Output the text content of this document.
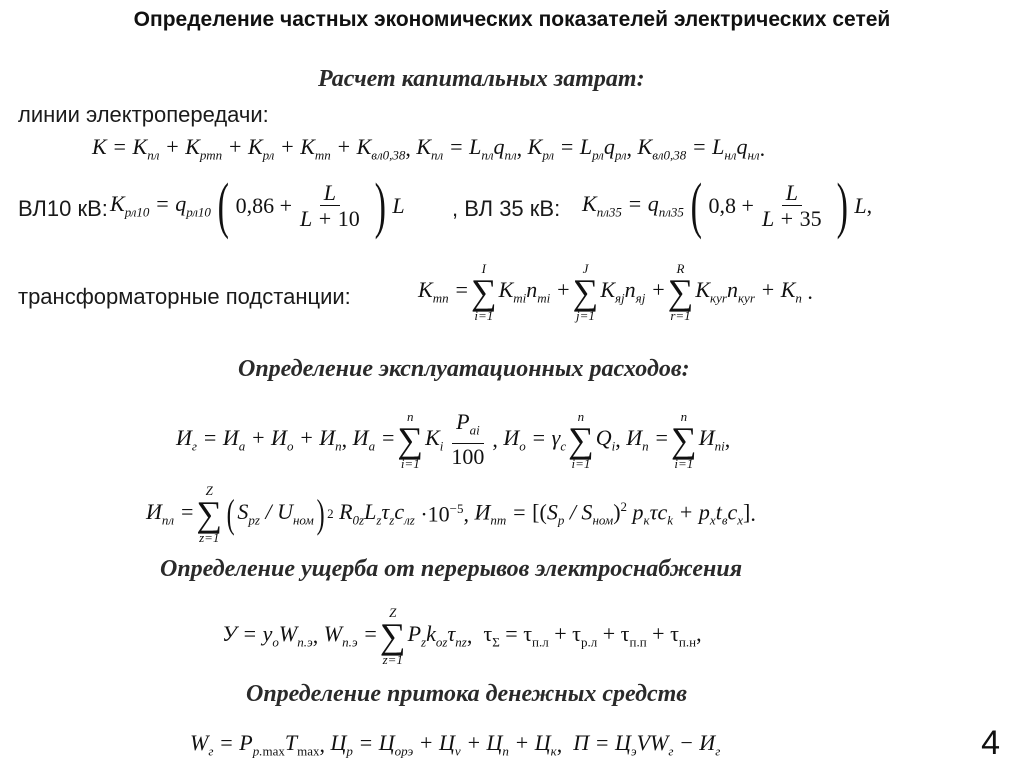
Определение частных экономических показателей электрических сетей
Расчет капитальных затрат:
линии электропередачи:
$K = K_{пл} + K_{ртп} + K_{рл} + K_{тп} + K_{вл0,38}$ , $K_{пл} = L_{пл}q_{пл}$ , $K_{рл} = L_{рл}q_{рл}$ , $K_{вл0,38} = L_{нл}q_{нл}$ .
ВЛ10 кВ: $K_{рл10} = q_{рл10}$ ( $0,86 + \frac{L}{L + 10}$ ) L , ВЛ 35 кВ: $K_{пл35} = q_{пл35}$ ( $0,8 + \frac{L}{L + 35}$ ) L ,
трансформаторные подстанции:	$K_{тп}$ =
I
∑
i=1
$K_{тi}n_{тi}$ +
J
∑
j=1
$K_{яj}n_{яj}$ +
R
∑
r=1
$K_{кyr}n_{кyr} + K_п$ .
Определение эксплуатационных расходов:
$И_г = И_а + И_о + И_п$ , $И_а$ =
n
∑
i=1
$K_i \frac{P_{ai}}{100}$ , $И_о = \gamma_с$
n
∑
i=1
$Q_i$ , $И_п$ =
n
∑
i=1
$И_{пi}$ ,
$И_{пл}$ =
Z
∑
z=1
( $S_{pz} / U_{ном}$ ) 2 $R_{0z}L_z\tau_zc_{лz} \cdot 10^{-5}$, $И_{пт} = [(S_p / S_{ном})^2$ $p_к\tau c_k + p_xt_вc_x$] .
Определение ущерба от перерывов электроснабжения
$У = y_оW_{п.э}$ , $W_{п.э}$ =
Z
∑
z=1
$P_zk_{oz}\tau_{пz}$ , $\tau_\Sigma = \tau_{п.л} + \tau_{р.л} + \tau_{п.п} + \tau_{п.н}$,
Определение притока денежных средств
$W_г = P_{р.max}T_{max}$ , $Ц_р = Ц_{орэ} + Ц_v + Ц_п + Ц_к$ , $П = Ц_эVW_г - И_г$	4
